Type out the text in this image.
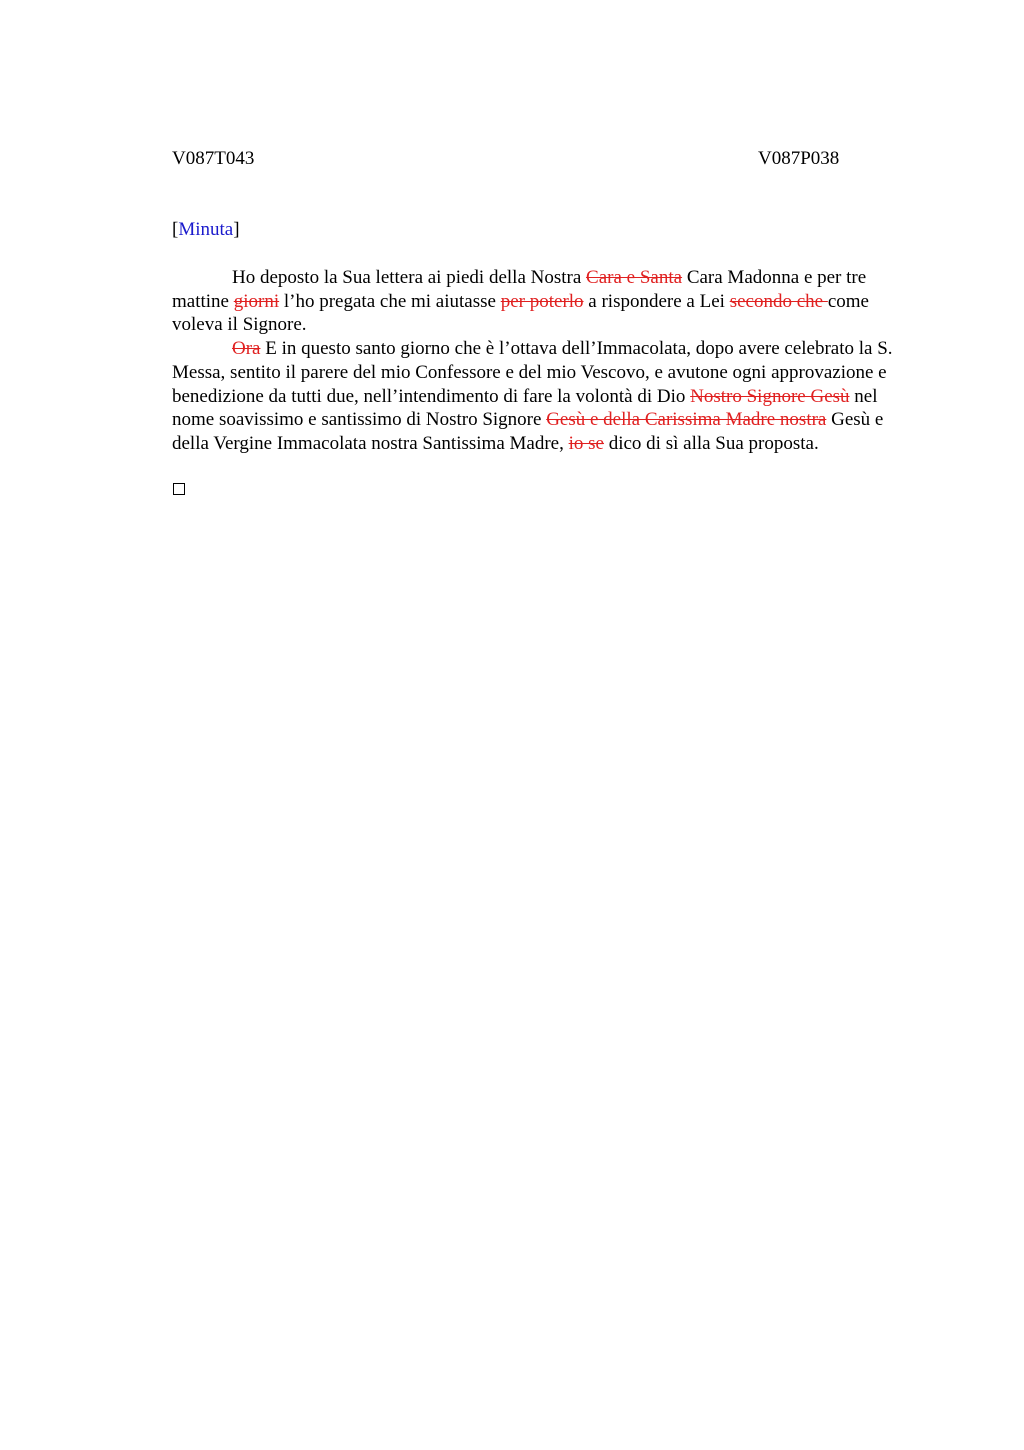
V087T043	V087P038
[Minuta]

Ho deposto la Sua lettera ai piedi della Nostra Cara e Santa Cara Madonna e per tre mattine giorni l’ho pregata che mi aiutasse per poterlo a rispondere a Lei secondo che come voleva il Signore.

Ora E in questo santo giorno che è l’ottava dell’Immacolata, dopo avere celebrato la S. Messa, sentito il parere del mio Confessore e del mio Vescovo, e avutone ogni approvazione e benedizione da tutti due, nell’intendimento di fare la volontà di Dio Nostro Signore Gesù nel nome soavissimo e santissimo di Nostro Signore Gesù e della Carissima Madre nostra Gesù e della Vergine Immacolata nostra Santissima Madre, io se dico di sì alla Sua proposta.
